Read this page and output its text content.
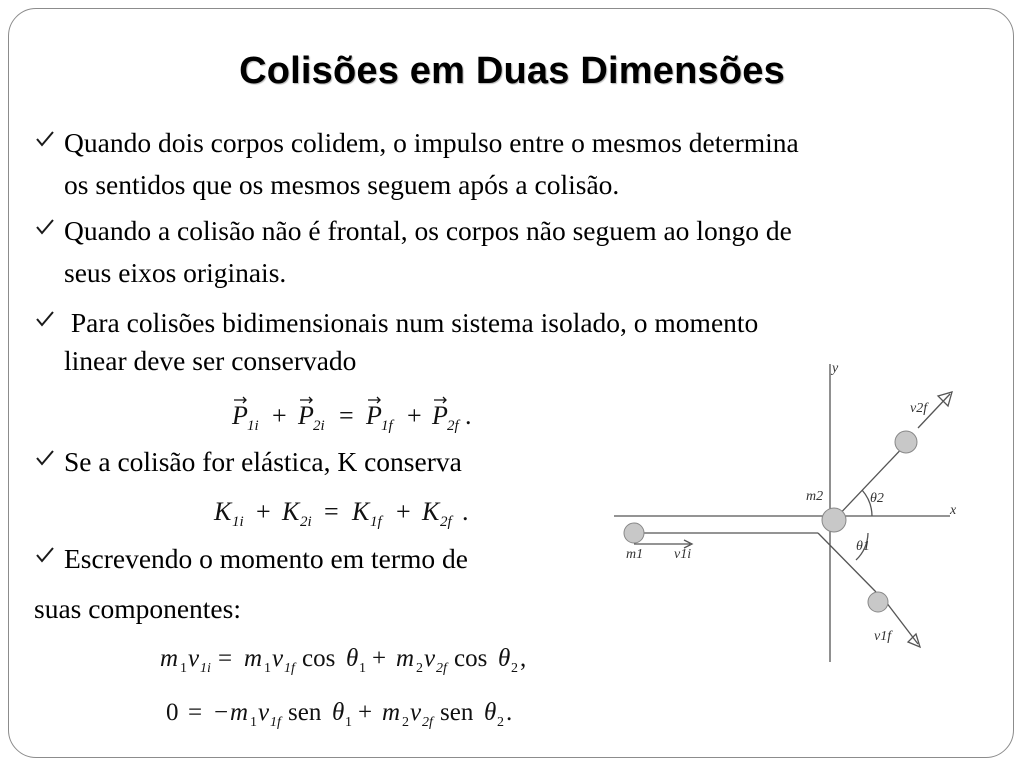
Colisões em Duas Dimensões
Quando dois corpos colidem, o impulso entre o mesmos determina
os sentidos que os mesmos seguem após a colisão.
Quando a colisão não é frontal, os corpos não seguem ao longo de
seus eixos originais.
Para colisões bidimensionais num sistema isolado, o momento
linear deve ser conservado
P 1i + P 2i = P 1f + P 2f .
Se a colisão for elástica, K conserva
K 1i + K 2i = K 1f + K 2f .
Escrevendo o momento em termo de
suas componentes:
m 1 v 1i = m 1 v 1f cos θ 1 + m 2 v 2f cos θ 2 ,
0 = − m 1 v 1f sen θ 1 + m 2 v 2f sen θ 2 .
y
x
m1
m2
v1i
v1f
v2f
θ2
θ1
